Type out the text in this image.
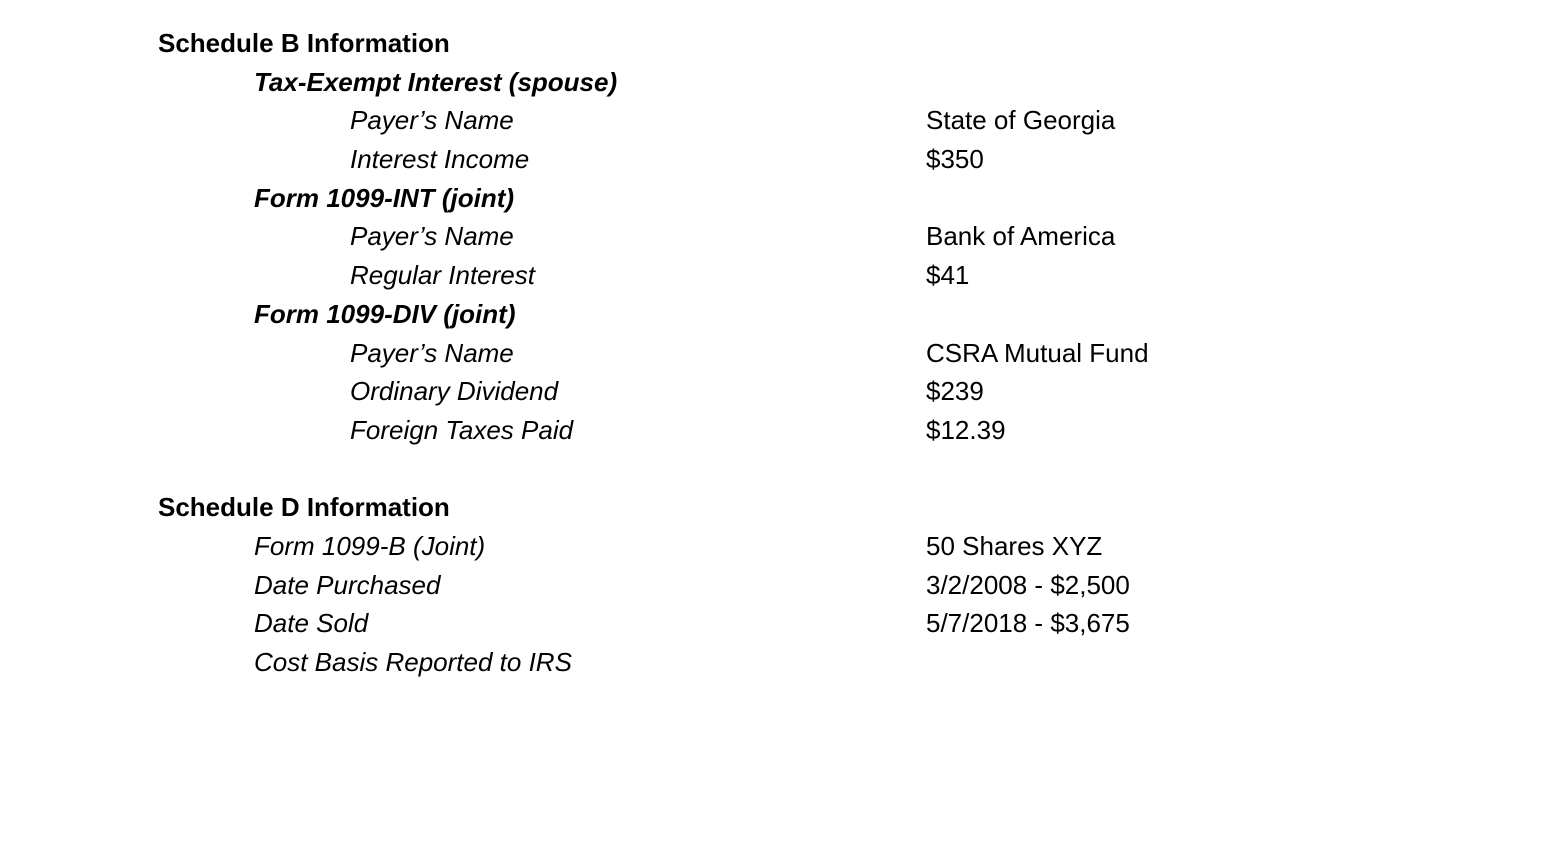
Schedule B Information
Tax-Exempt Interest (spouse)
Payer’s Name	State of Georgia
Interest Income	$350
Form 1099-INT (joint)
Payer’s Name	Bank of America
Regular Interest	$41
Form 1099-DIV (joint)
Payer’s Name	CSRA Mutual Fund
Ordinary Dividend	$239
Foreign Taxes Paid	$12.39
Schedule D Information
Form 1099-B (Joint)	50 Shares XYZ
Date Purchased	3/2/2008 - $2,500
Date Sold	5/7/2018 - $3,675
Cost Basis Reported to IRS
